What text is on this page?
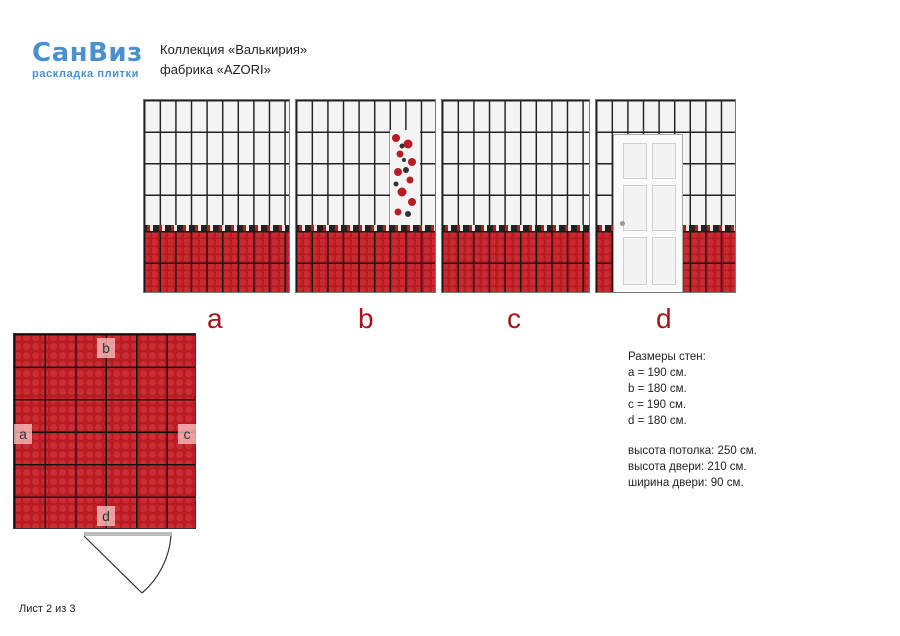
СанВиз
раскладка плитки
Коллекция «Валькирия»
фабрика «AZORI»
a	b	c	d
b
a	c
d
Размеры стен:
a = 190 см.
b = 180 см.
c = 190 см.
d = 180 см.
высота потолка: 250 см.
высота двери: 210 см.
ширина двери: 90 см.
Лист 2 из 3
